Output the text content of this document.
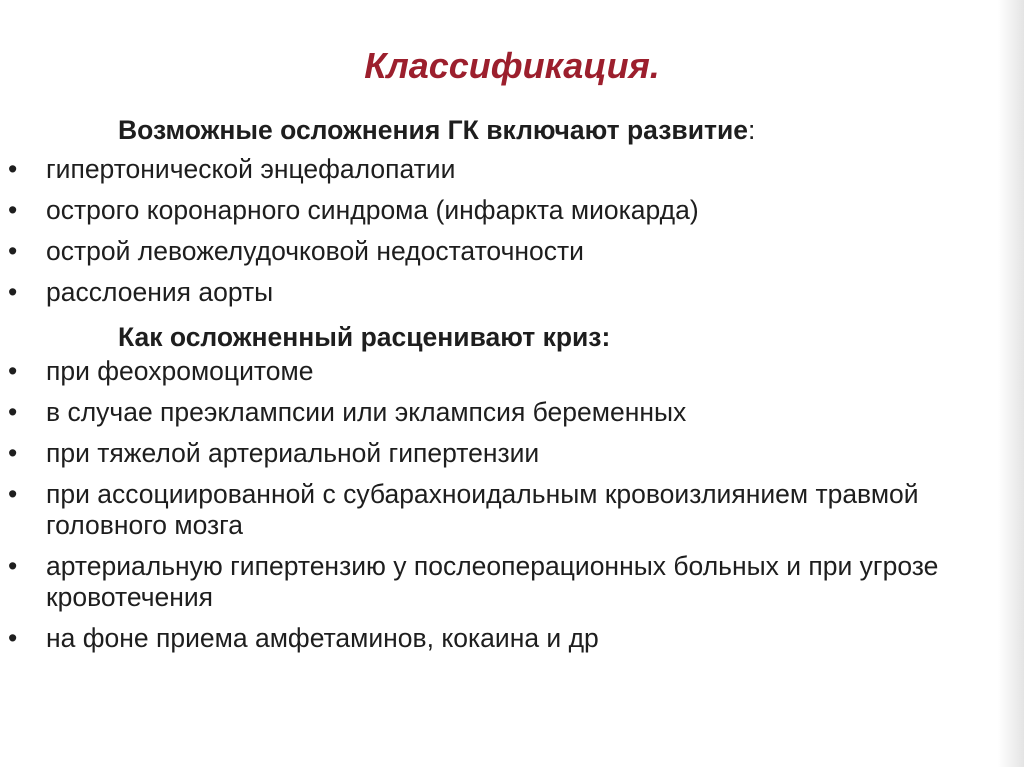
Классификация.

Возможные осложнения ГК включают развитие:

•	гипертонической энцефалопатии
•	острого коронарного синдрома (инфаркта миокарда)
•	острой левожелудочковой недостаточности
•	расслоения аорты

Как осложненный расценивают криз:

•	при феохромоцитоме
•	в случае преэклампсии или эклампсия беременных
•	при тяжелой артериальной гипертензии
•	при ассоциированной с субарахноидальным кровоизлиянием травмой головного мозга
•	артериальную гипертензию у послеоперационных больных и при угрозе кровотечения
•	на фоне приема амфетаминов, кокаина и др
